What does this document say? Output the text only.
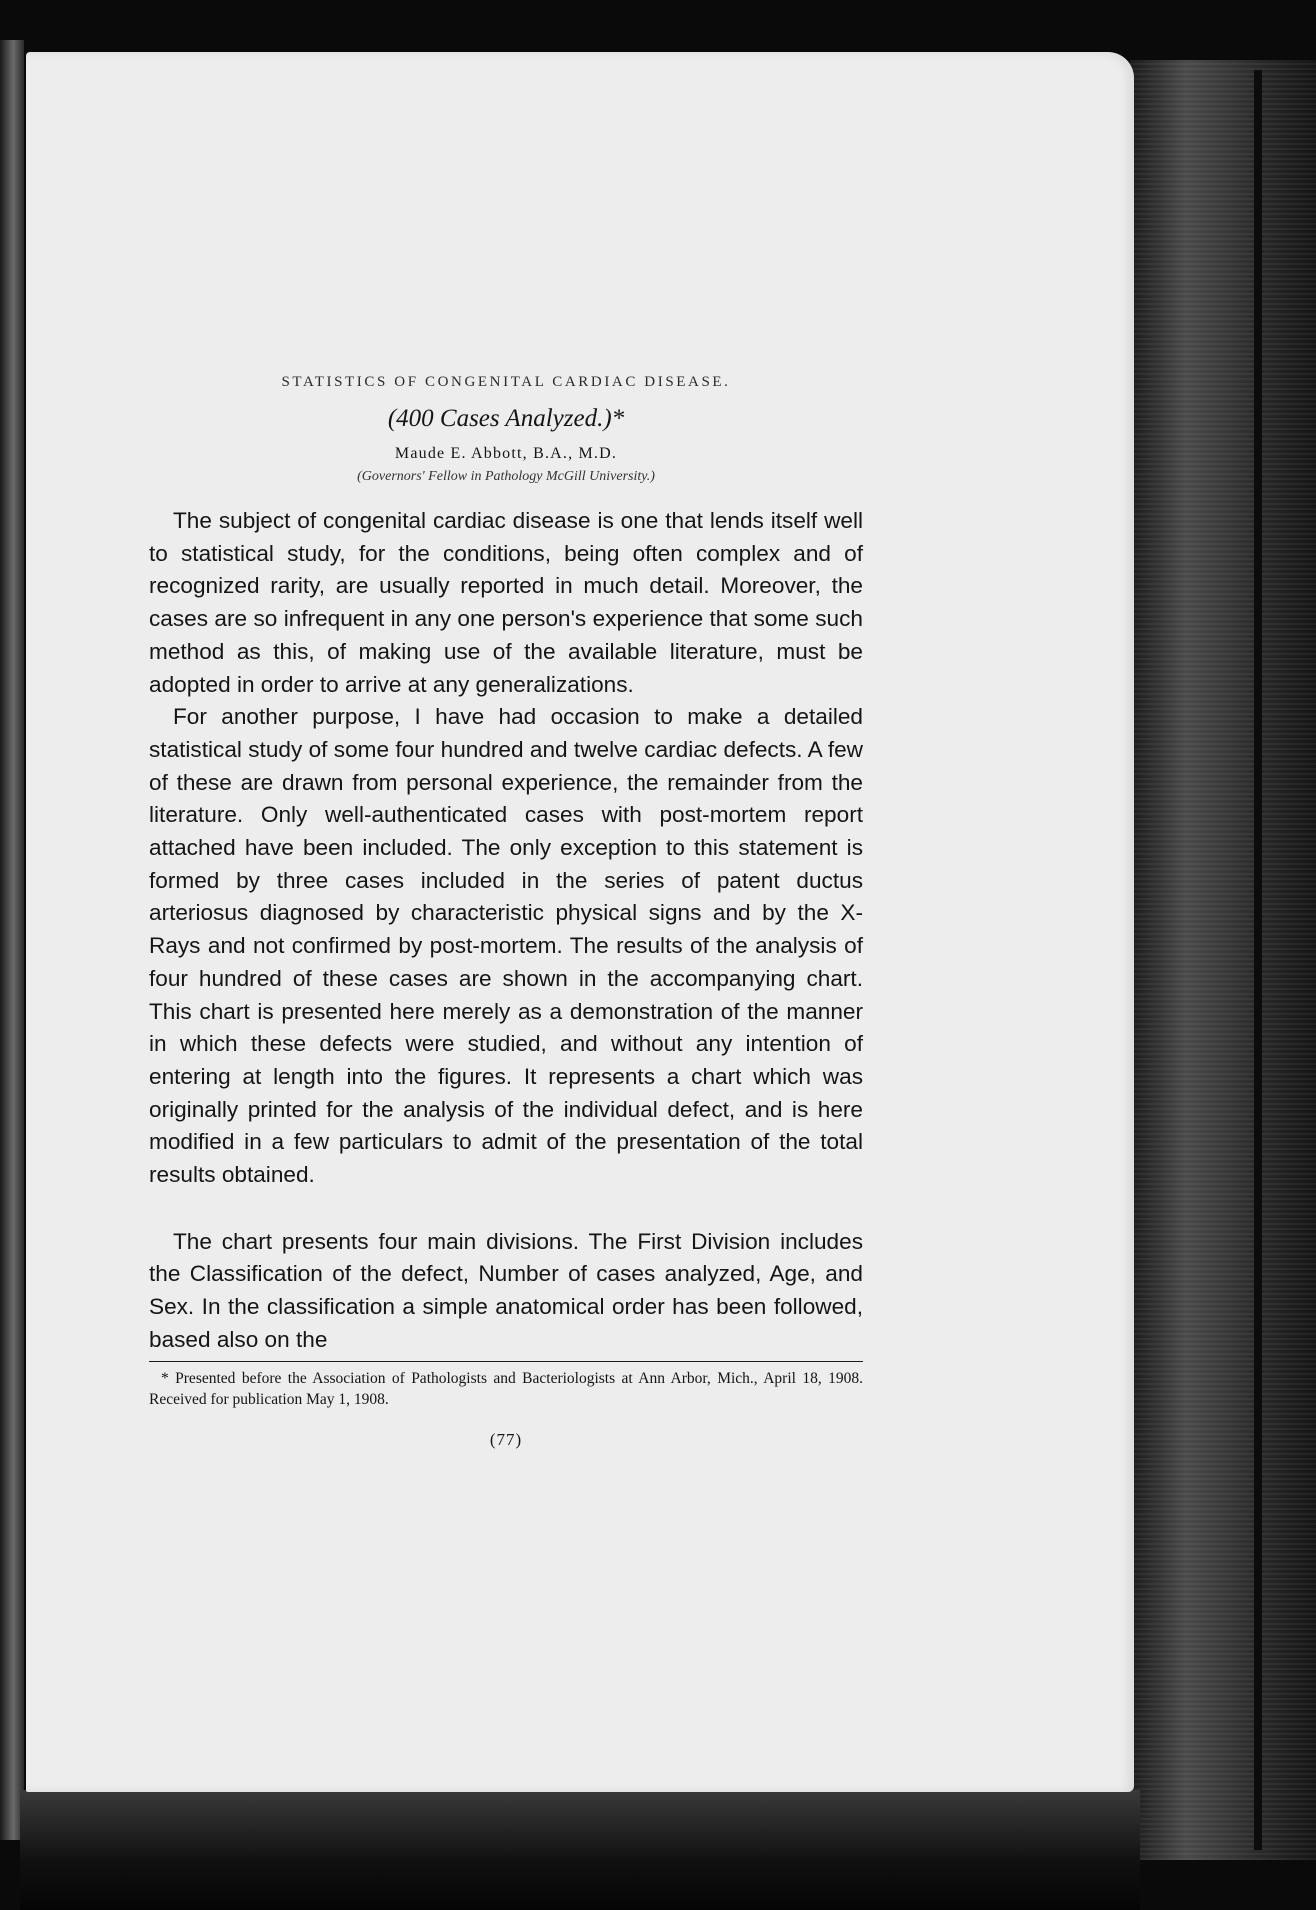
STATISTICS OF CONGENITAL CARDIAC DISEASE.
(400 Cases Analyzed.)*
Maude E. Abbott, B.A., M.D.
(Governors' Fellow in Pathology McGill University.)

The subject of congenital cardiac disease is one that lends itself well to statistical study, for the conditions, being often complex and of recognized rarity, are usually reported in much detail. Moreover, the cases are so infrequent in any one person's experience that some such method as this, of making use of the available literature, must be adopted in order to arrive at any generalizations.

For another purpose, I have had occasion to make a detailed statistical study of some four hundred and twelve cardiac defects. A few of these are drawn from personal experience, the remainder from the literature. Only well-authenticated cases with post-mortem report attached have been included. The only exception to this statement is formed by three cases included in the series of patent ductus arteriosus diagnosed by characteristic physical signs and by the X-Rays and not confirmed by post-mortem. The results of the analysis of four hundred of these cases are shown in the accompanying chart. This chart is presented here merely as a demonstration of the manner in which these defects were studied, and without any intention of entering at length into the figures. It represents a chart which was originally printed for the analysis of the individual defect, and is here modified in a few particulars to admit of the presentation of the total results obtained.

The chart presents four main divisions. The First Division includes the Classification of the defect, Number of cases analyzed, Age, and Sex. In the classification a simple anatomical order has been followed, based also on the

* Presented before the Association of Pathologists and Bacteriologists at Ann Arbor, Mich., April 18, 1908. Received for publication May 1, 1908.

(77)
